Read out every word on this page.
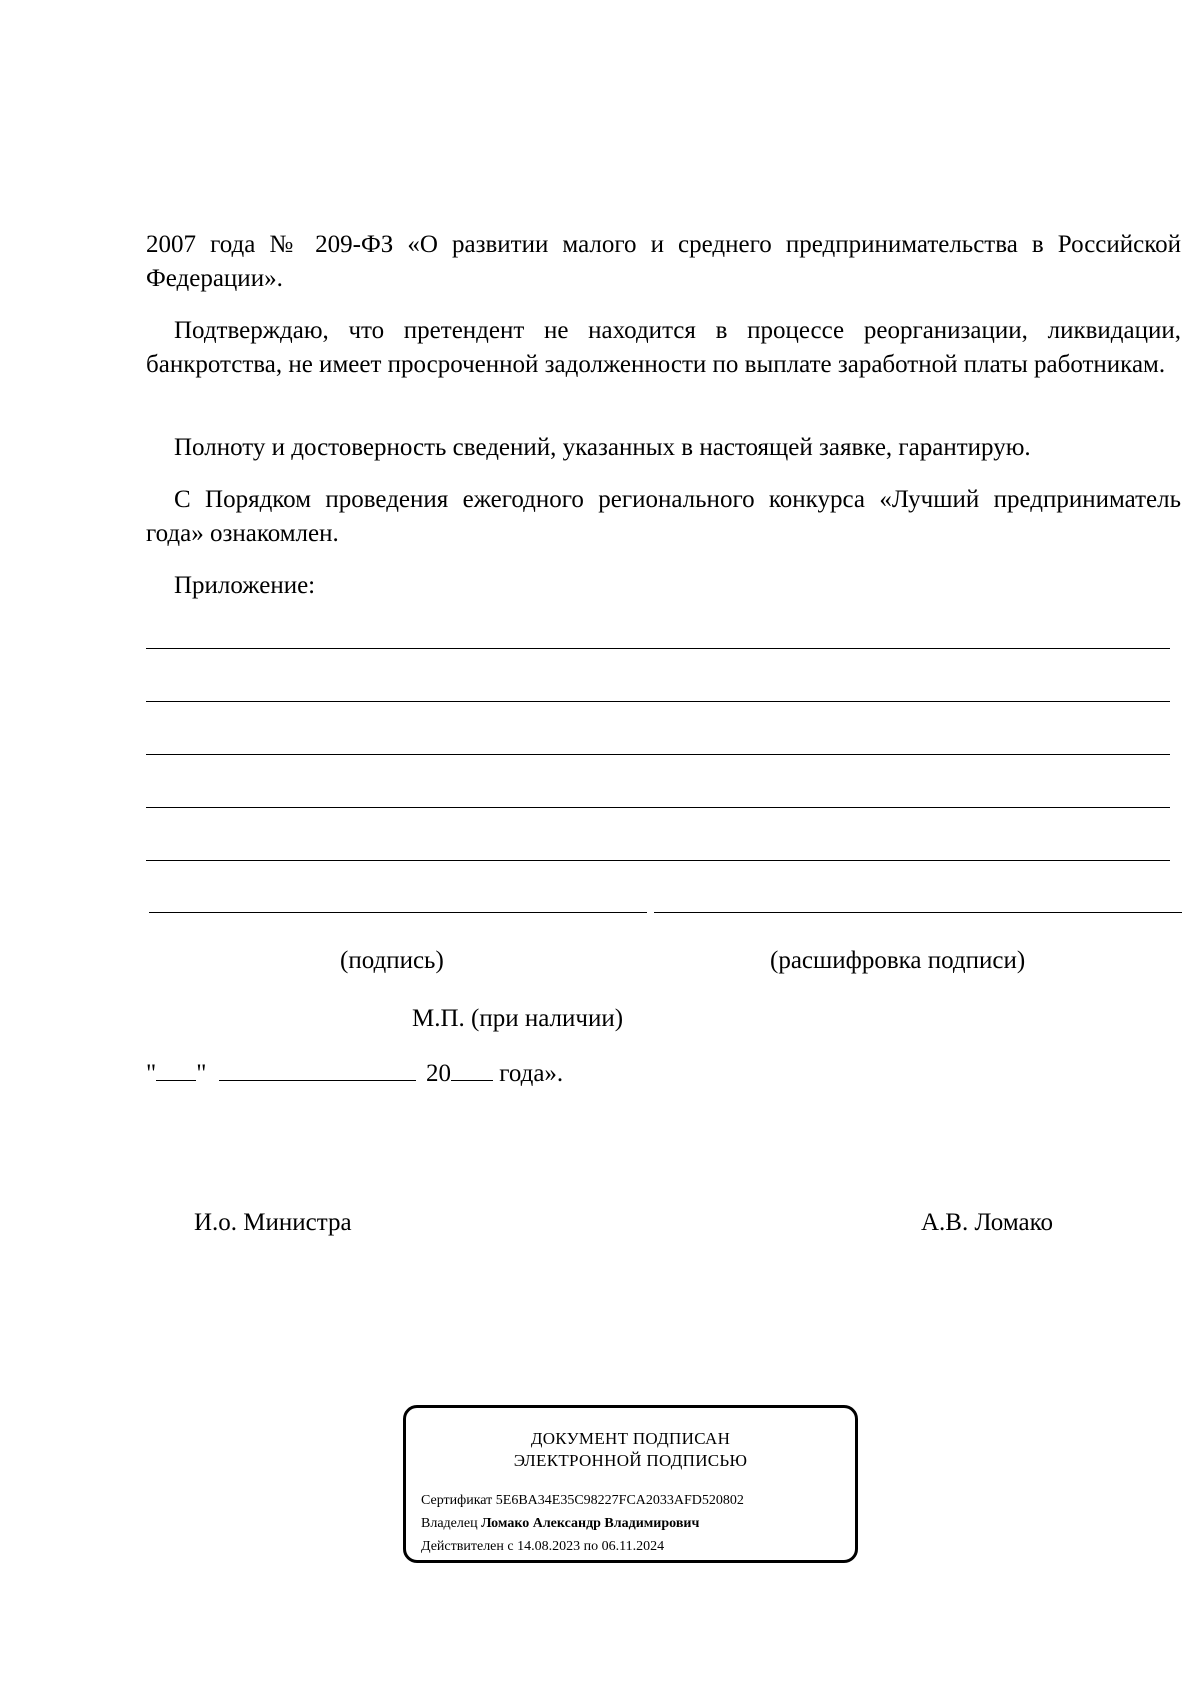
2007 года № 209-ФЗ «О развитии малого и среднего предпринимательства в Российской Федерации».
Подтверждаю, что претендент не находится в процессе реорганизации, ликвидации, банкротства, не имеет просроченной задолженности по выплате заработной платы работникам.
Полноту и достоверность сведений, указанных в настоящей заявке, гарантирую.
С Порядком проведения ежегодного регионального конкурса «Лучший предприниматель года» ознакомлен.
Приложение:
(подпись)	(расшифровка подписи)
М.П. (при наличии)
" "	20 года».
И.о. Министра	А.В. Ломако
ДОКУМЕНТ ПОДПИСАН
ЭЛЕКТРОННОЙ ПОДПИСЬЮ
Сертификат 5E6BA34E35C98227FCA2033AFD520802
Владелец Ломако Александр Владимирович
Действителен с 14.08.2023 по 06.11.2024
